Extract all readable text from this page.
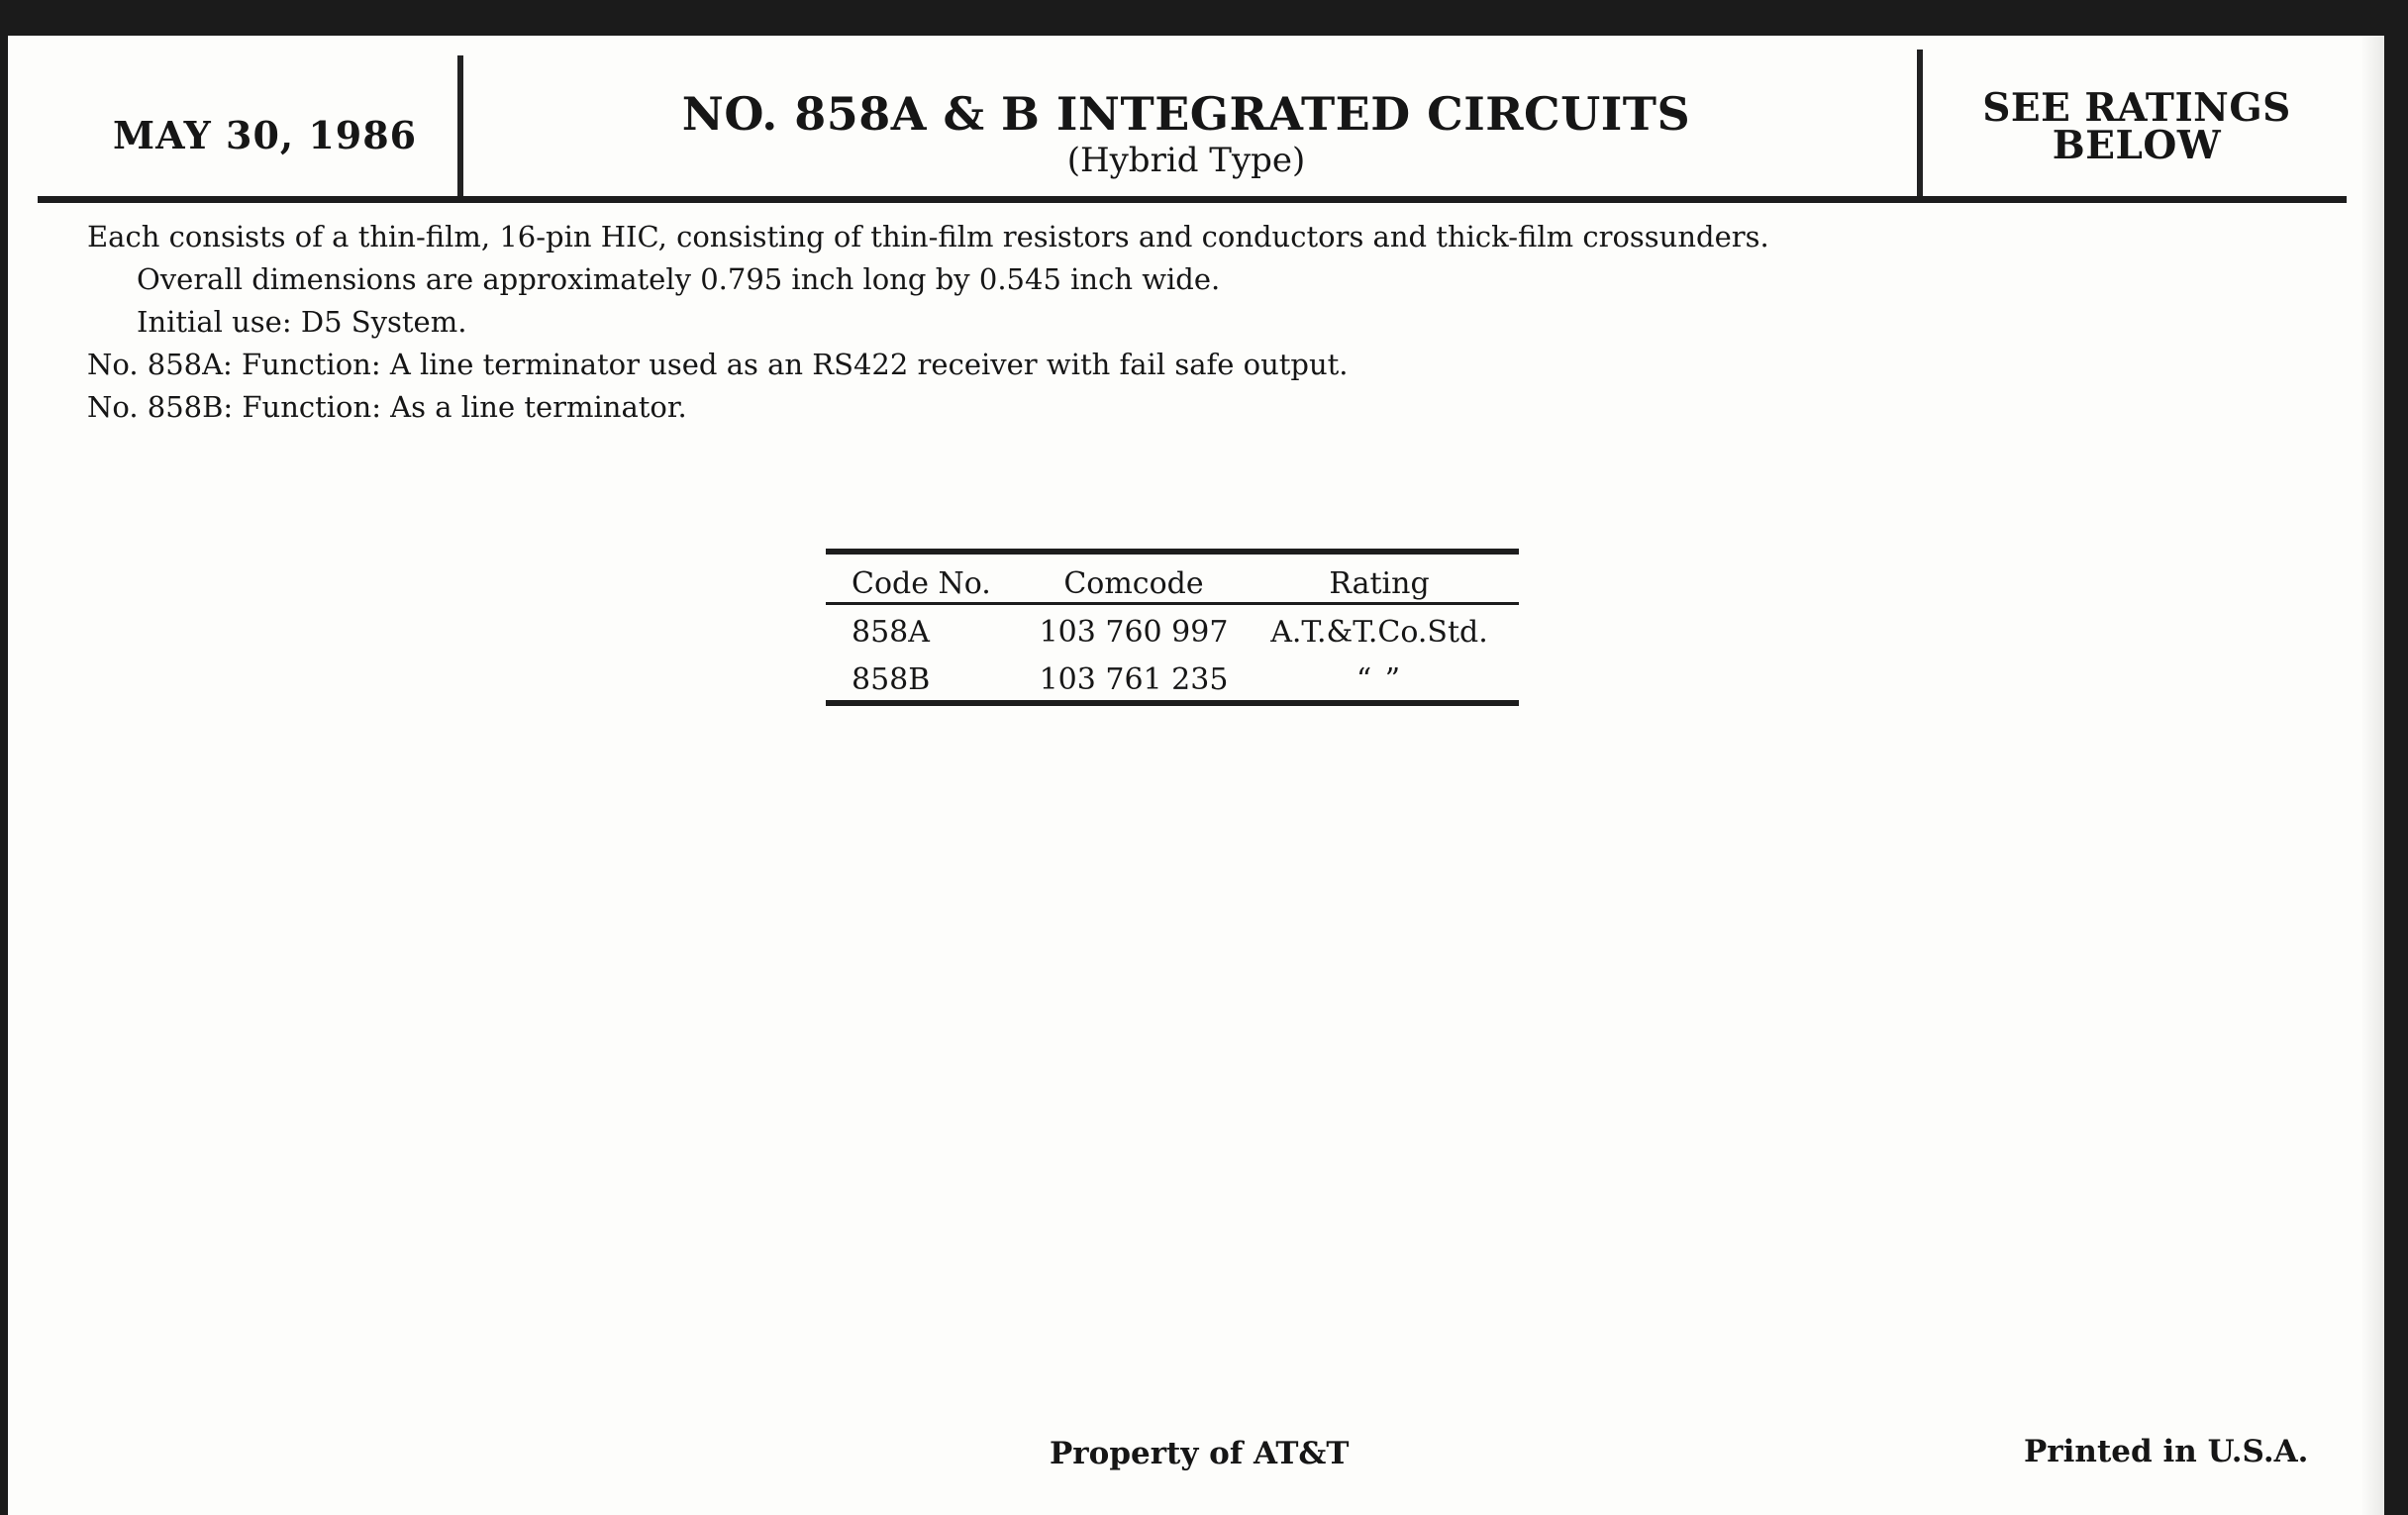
MAY 30, 1986	NO. 858A & B INTEGRATED CIRCUITS
(Hybrid Type)
SEE RATINGS
BELOW

Each consists of a thin-film, 16-pin HIC, consisting of thin-film resistors and conductors and thick-film crossunders.

Overall dimensions are approximately 0.795 inch long by 0.545 inch wide.

Initial use: D5 System.

No. 858A: Function: A line terminator used as an RS422 receiver with fail safe output.

No. 858B: Function: As a line terminator.

Code No.	Comcode	Rating
858A	103 760 997	A.T.&T.Co.Std.
858B	103 761 235	“ ”
Property of AT&T	Printed in U.S.A.
